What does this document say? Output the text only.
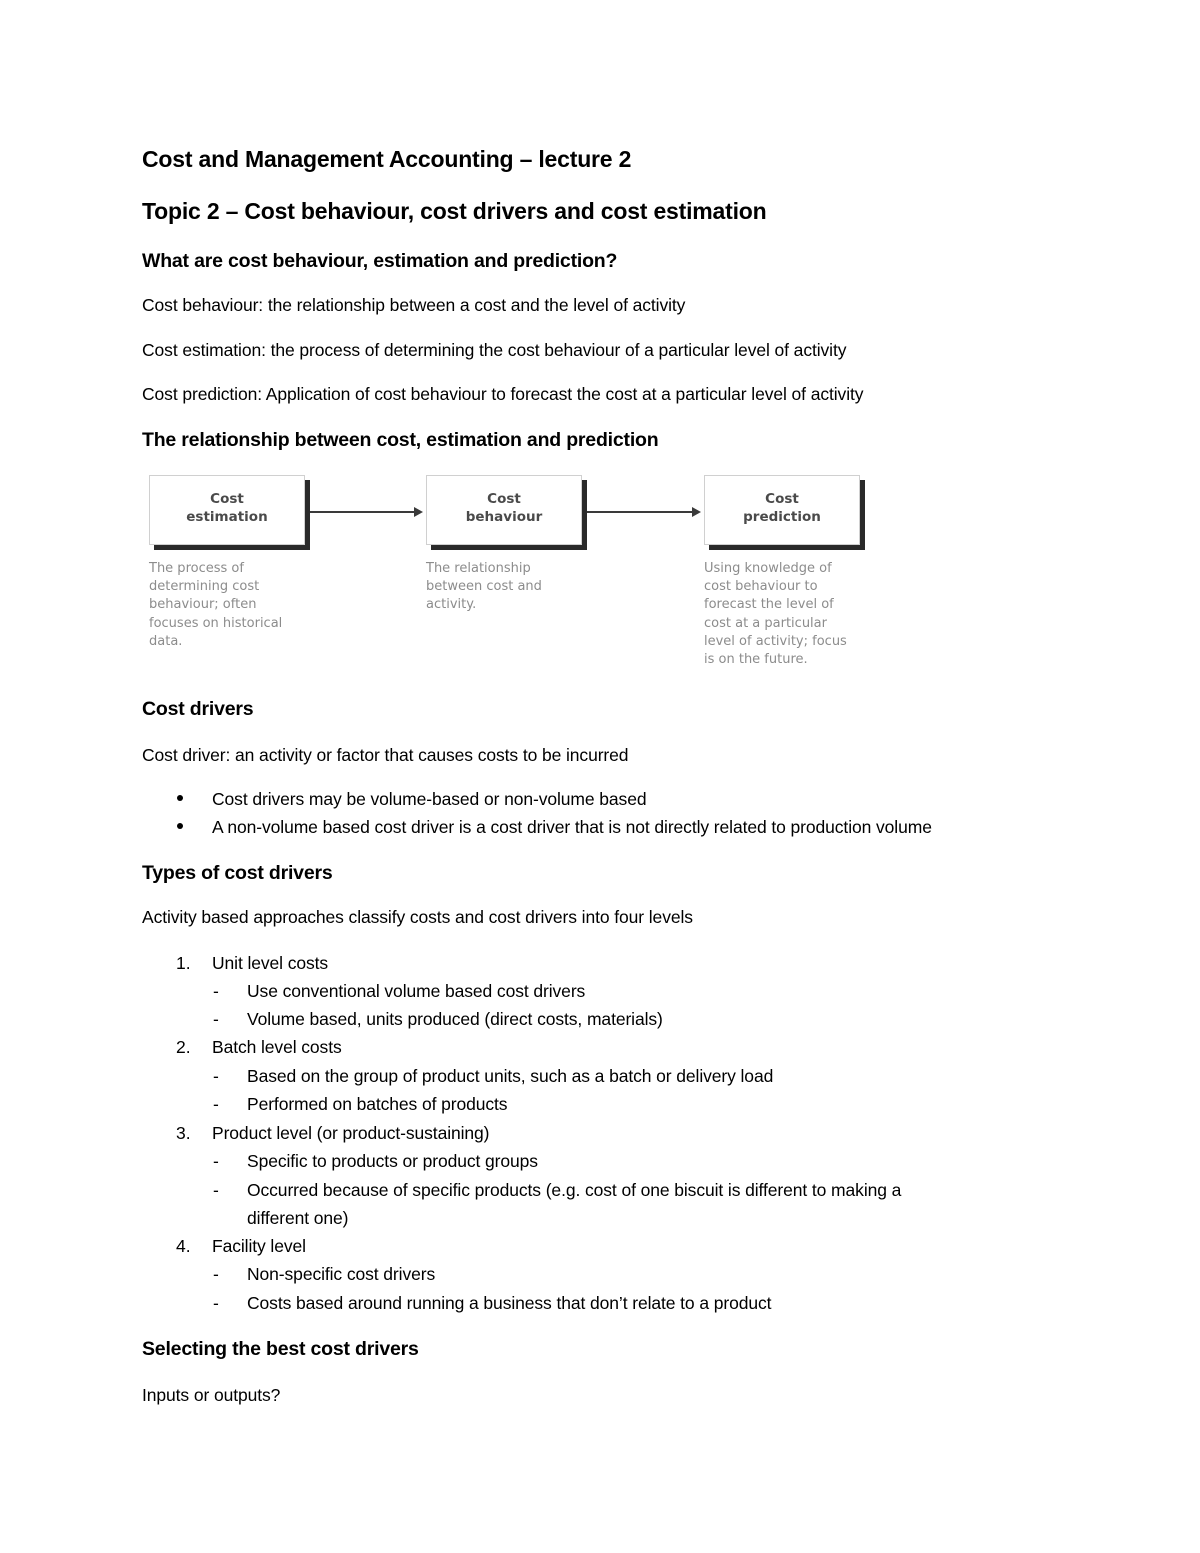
Cost and Management Accounting – lecture 2
Topic 2 – Cost behaviour, cost drivers and cost estimation
What are cost behaviour, estimation and prediction?
Cost behaviour: the relationship between a cost and the level of activity
Cost estimation: the process of determining the cost behaviour of a particular level of activity
Cost prediction: Application of cost behaviour to forecast the cost at a particular level of activity
The relationship between cost, estimation and prediction
Cost
estimation
Cost
behaviour
Cost
prediction
The process of
determining cost
behaviour; often
focuses on historical
data.
The relationship
between cost and
activity.
Using knowledge of
cost behaviour to
forecast the level of
cost at a particular
level of activity; focus
is on the future.
Cost drivers
Cost driver: an activity or factor that causes costs to be incurred
Cost drivers may be volume-based or non-volume based
A non-volume based cost driver is a cost driver that is not directly related to production volume
Types of cost drivers
Activity based approaches classify costs and cost drivers into four levels
1. Unit level costs
- Use conventional volume based cost drivers
- Volume based, units produced (direct costs, materials)
2. Batch level costs
- Based on the group of product units, such as a batch or delivery load
- Performed on batches of products
3. Product level (or product-sustaining)
- Specific to products or product groups
- Occurred because of specific products (e.g. cost of one biscuit is different to making a
different one)
4. Facility level
- Non-specific cost drivers
- Costs based around running a business that don’t relate to a product
Selecting the best cost drivers
Inputs or outputs?
